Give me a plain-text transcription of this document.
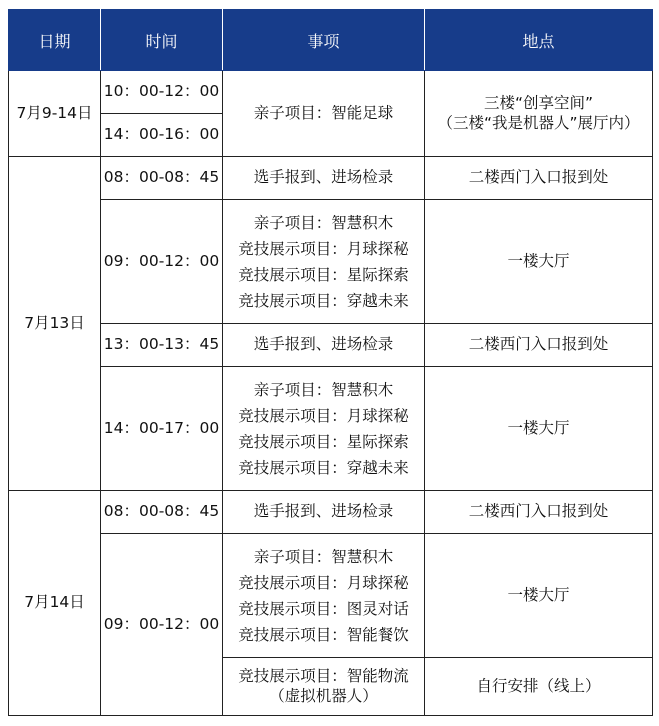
日期	时间	事项	地点
7月9-14日	10：00-12：00	亲子项目：智能足球	三楼“创享空间”
（三楼“我是机器人”展厅内）

	14：00-16：00		
7月13日	08：00-08：45	选手报到、进场检录	二楼西门入口报到处

	09：00-12：00	亲子项目：智慧积木
竞技展示项目：月球探秘
竞技展示项目：星际探索
竞技展示项目：穿越未来	一楼大厅

	13：00-13：45	选手报到、进场检录	二楼西门入口报到处

	14：00-17：00	亲子项目：智慧积木
竞技展示项目：月球探秘
竞技展示项目：星际探索
竞技展示项目：穿越未来	一楼大厅

7月14日	08：00-08：45	选手报到、进场检录	二楼西门入口报到处

	09：00-12：00	亲子项目：智慧积木
竞技展示项目：月球探秘
竞技展示项目：图灵对话
竞技展示项目：智能餐饮	一楼大厅

		竞技展示项目：智能物流
（虚拟机器人）	自行安排（线上）
